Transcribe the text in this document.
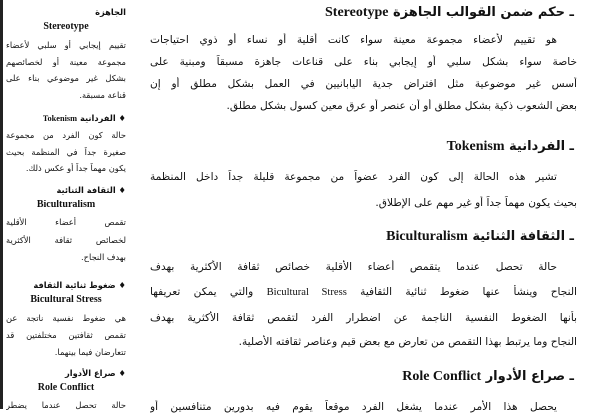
الجاهزة
Stereotype
تقييم إيجابي أو سلبي لأعضاء
مجموعة معينة أو لخصائصهم
بشكل غير موضوعي بناء على
قناعة مسبقة.
♦ الفردانية Tokenism
حالة كون الفرد من مجموعة
صغيرة جداً في المنظمة بحيث
يكون مهماً جداً أو عكس ذلك.
♦ الثقافة الثنائية
Biculturalism
تقمص أعضاء الأقلية
لخصائص ثقافة الأكثرية
بهدف النجاح.
♦ ضغوط ثنائية الثقافة
Bicultural Stress
هي ضغوط نفسية ناتجة عن
تقمص ثقافتين مختلفتين قد
تتعارضان فيما بينهما.
♦ صراع الأدوار
Role Conflict
حالة تحصل عندما يضطر
ـ حكم ضمن القوالب الجاهزة Stereotype
هو تقييم لأعضاء مجموعة معينة سواء كانت أقلية أو نساء أو ذوي احتياجات
خاصة سواء بشكل سلبي أو إيجابي بناء على قناعات جاهزة مسبقاً ومبنية على
أسس غير موضوعية مثل افتراض جدية اليابانيين في العمل بشكل مطلق أو إن
بعض الشعوب ذكية بشكل مطلق أو أن عنصر أو عرق معين كسول بشكل مطلق.
ـ الفردانية Tokenism
تشير هذه الحالة إلى كون الفرد عضواً من مجموعة قليلة جداً داخل المنظمة
بحيث يكون مهماً جداً أو غير مهم على الإطلاق.
ـ الثقافة الثنائية Biculturalism
حالة تحصل عندما يتقمص أعضاء الأقلية خصائص ثقافة الأكثرية بهدف
النجاح وينشأ عنها ضغوط ثنائية الثقافية Bicultural Stress والتي يمكن تعريفها
بأنها الضغوط النفسية الناجمة عن اضطرار الفرد لتقمص ثقافة الأكثرية بهدف
النجاح وما يرتبط بهذا التقمص من تعارض مع بعض قيم وعناصر ثقافته الأصلية.
ـ صراع الأدوار Role Conflict
يحصل هذا الأمر عندما يشغل الفرد موقعاً يقوم فيه بدورين متنافسين أو
